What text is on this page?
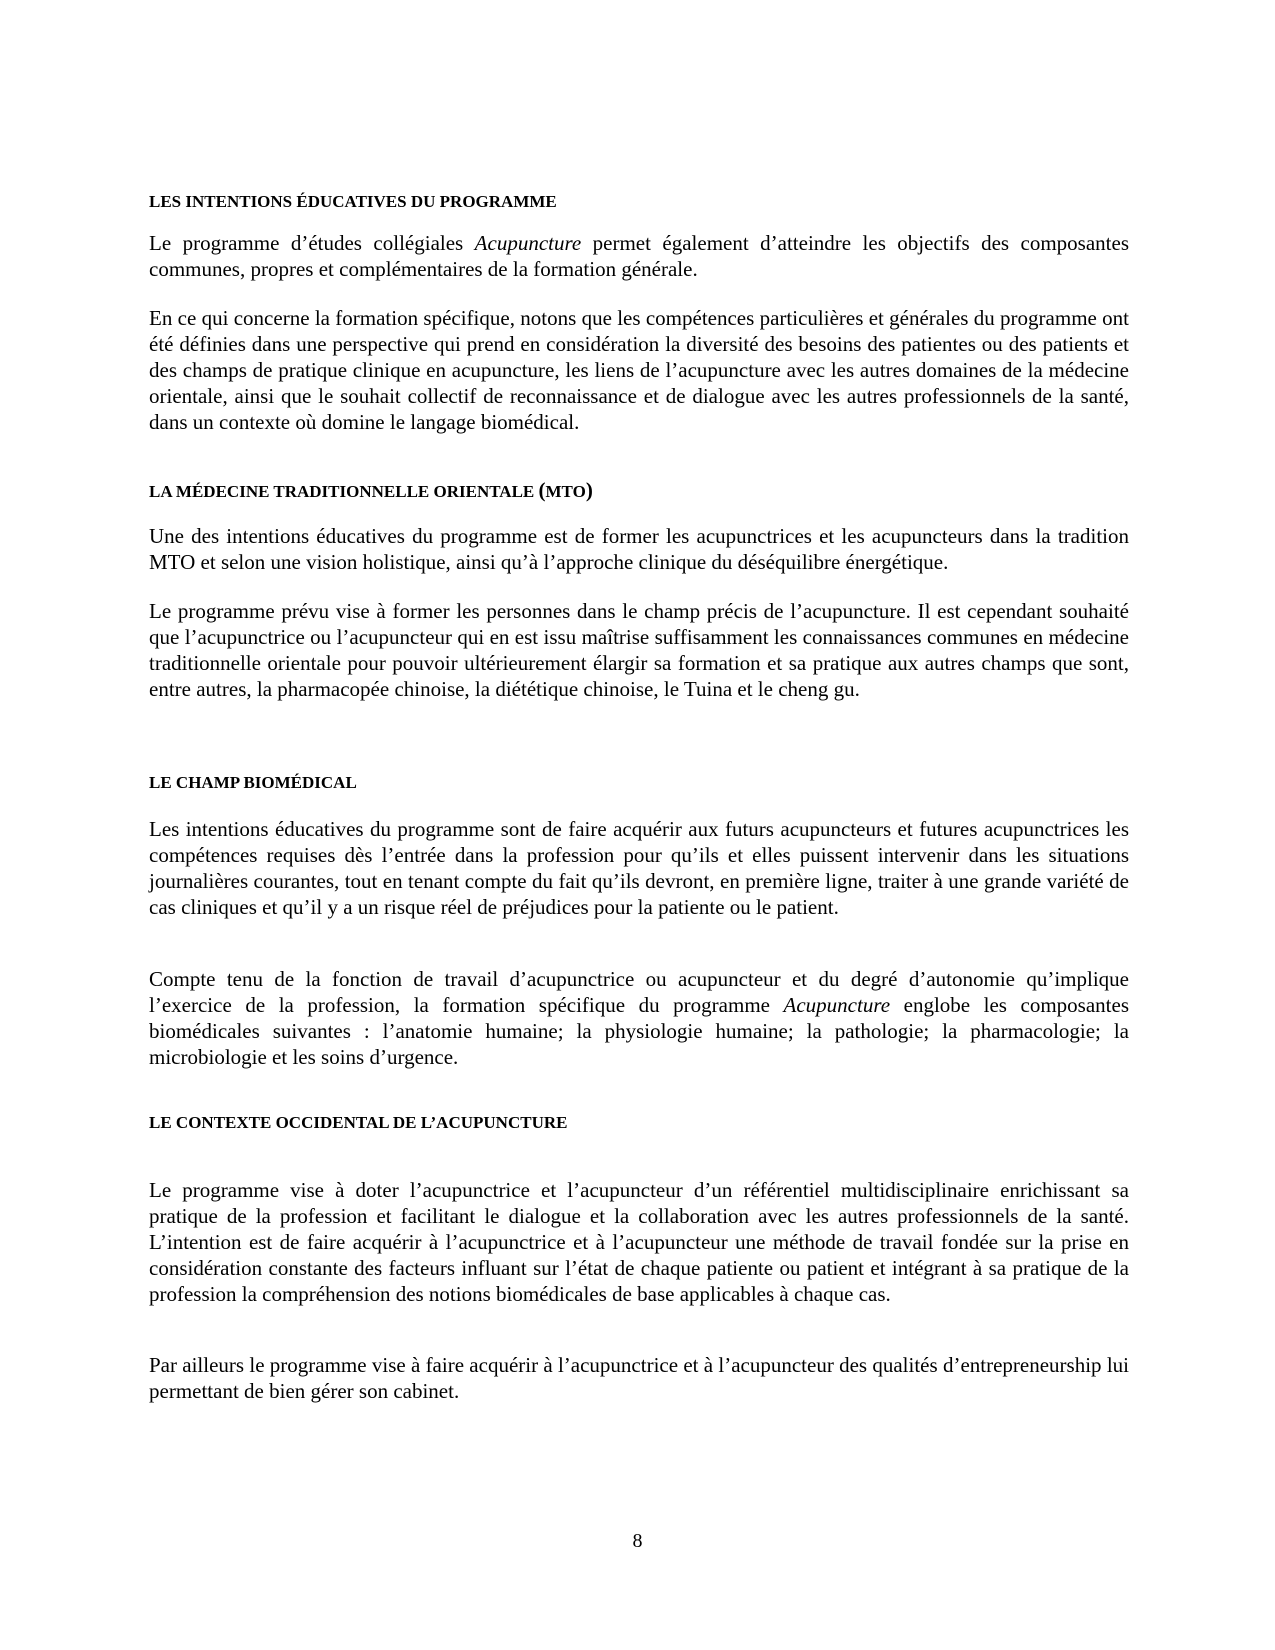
LES INTENTIONS ÉDUCATIVES DU PROGRAMME

Le programme d’études collégiales Acupuncture permet également d’atteindre les objectifs des composantes communes, propres et complémentaires de la formation générale.

En ce qui concerne la formation spécifique, notons que les compétences particulières et générales du programme ont été définies dans une perspective qui prend en considération la diversité des besoins des patientes ou des patients et des champs de pratique clinique en acupuncture, les liens de l’acupuncture avec les autres domaines de la médecine orientale, ainsi que le souhait collectif de reconnaissance et de dialogue avec les autres professionnels de la santé, dans un contexte où domine le langage biomédical.

LA MÉDECINE TRADITIONNELLE ORIENTALE (MTO)

Une des intentions éducatives du programme est de former les acupunctrices et les acupuncteurs dans la tradition MTO et selon une vision holistique, ainsi qu’à l’approche clinique du déséquilibre énergétique.

Le programme prévu vise à former les personnes dans le champ précis de l’acupuncture. Il est cependant souhaité que l’acupunctrice ou l’acupuncteur qui en est issu maîtrise suffisamment les connaissances communes en médecine traditionnelle orientale pour pouvoir ultérieurement élargir sa formation et sa pratique aux autres champs que sont, entre autres, la pharmacopée chinoise, la diététique chinoise, le Tuina et le cheng gu.

LE CHAMP BIOMÉDICAL

Les intentions éducatives du programme sont de faire acquérir aux futurs acupuncteurs et futures acupunctrices les compétences requises dès l’entrée dans la profession pour qu’ils et elles puissent intervenir dans les situations journalières courantes, tout en tenant compte du fait qu’ils devront, en première ligne, traiter à une grande variété de cas cliniques et qu’il y a un risque réel de préjudices pour la patiente ou le patient.

Compte tenu de la fonction de travail d’acupunctrice ou acupuncteur et du degré d’autonomie qu’implique l’exercice de la profession, la formation spécifique du programme Acupuncture englobe les composantes biomédicales suivantes : l’anatomie humaine; la physiologie humaine; la pathologie; la pharmacologie; la microbiologie et les soins d’urgence.

LE CONTEXTE OCCIDENTAL DE L’ACUPUNCTURE

Le programme vise à doter l’acupunctrice et l’acupuncteur d’un référentiel multidisciplinaire enrichissant sa pratique de la profession et facilitant le dialogue et la collaboration avec les autres professionnels de la santé. L’intention est de faire acquérir à l’acupunctrice et à l’acupuncteur une méthode de travail fondée sur la prise en considération constante des facteurs influant sur l’état de chaque patiente ou patient et intégrant à sa pratique de la profession la compréhension des notions biomédicales de base applicables à chaque cas.

Par ailleurs le programme vise à faire acquérir à l’acupunctrice et à l’acupuncteur des qualités d’entrepreneurship lui permettant de bien gérer son cabinet.

8
